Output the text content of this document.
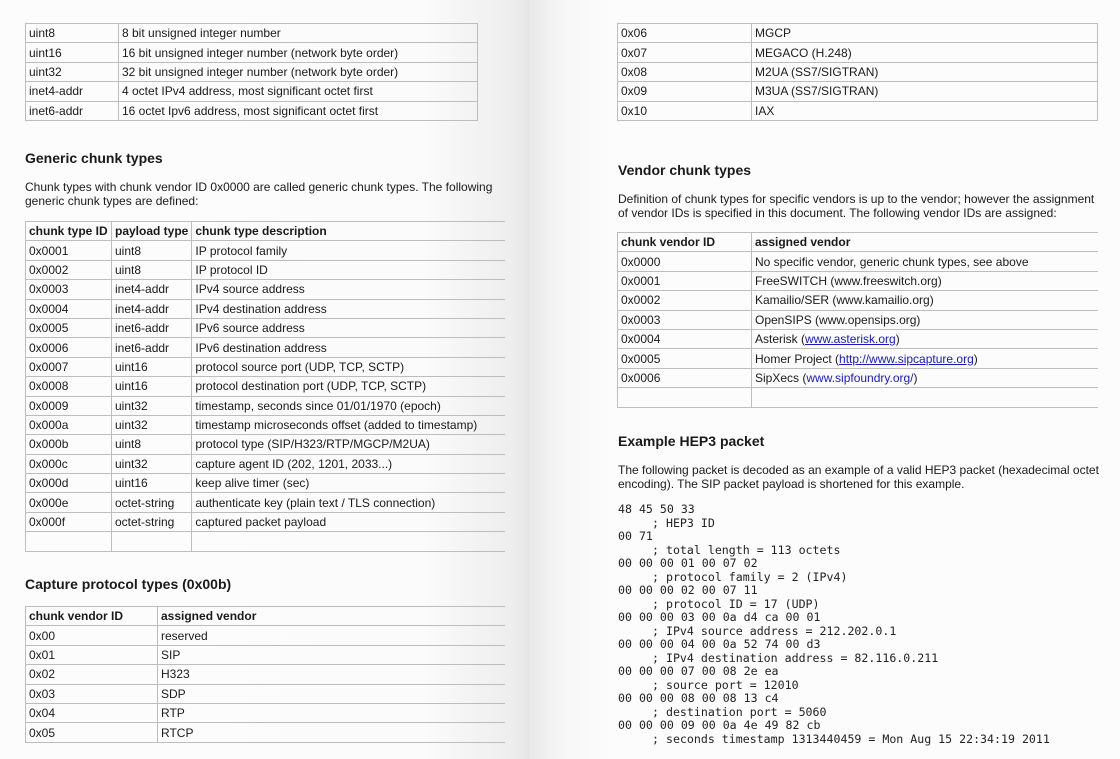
uint8	8 bit unsigned integer number
uint16	16 bit unsigned integer number (network byte order)
uint32	32 bit unsigned integer number (network byte order)
inet4-addr	4 octet IPv4 address, most significant octet first
inet6-addr	16 octet Ipv6 address, most significant octet first
Generic chunk types

Chunk types with chunk vendor ID 0x0000 are called generic chunk types. The following
generic chunk types are defined:

chunk type ID	payload type	chunk type description
0x0001	uint8	IP protocol family
0x0002	uint8	IP protocol ID
0x0003	inet4-addr	IPv4 source address
0x0004	inet4-addr	IPv4 destination address
0x0005	inet6-addr	IPv6 source address
0x0006	inet6-addr	IPv6 destination address
0x0007	uint16	protocol source port (UDP, TCP, SCTP)
0x0008	uint16	protocol destination port (UDP, TCP, SCTP)
0x0009	uint32	timestamp, seconds since 01/01/1970 (epoch)
0x000a	uint32	timestamp microseconds offset (added to timestamp)
0x000b	uint8	protocol type (SIP/H323/RTP/MGCP/M2UA)
0x000c	uint32	capture agent ID (202, 1201, 2033...)
0x000d	uint16	keep alive timer (sec)
0x000e	octet-string	authenticate key (plain text / TLS connection)
0x000f	octet-string	captured packet payload

Capture protocol types (0x00b)
chunk vendor ID	assigned vendor
0x00	reserved
0x01	SIP
0x02	H323
0x03	SDP
0x04	RTP
0x05	RTCP
0x06	MGCP
0x07	MEGACO (H.248)
0x08	M2UA (SS7/SIGTRAN)
0x09	M3UA (SS7/SIGTRAN)
0x10	IAX
Vendor chunk types

Definition of chunk types for specific vendors is up to the vendor; however the assignment
of vendor IDs is specified in this document. The following vendor IDs are assigned:

chunk vendor ID	assigned vendor
0x0000	No specific vendor, generic chunk types, see above
0x0001	FreeSWITCH (www.freeswitch.org)
0x0002	Kamailio/SER (www.kamailio.org)
0x0003	OpenSIPS (www.opensips.org)
0x0004	Asterisk (www.asterisk.org)
0x0005	Homer Project (http://www.sipcapture.org)
0x0006	SipXecs (www.sipfoundry.org/)

Example HEP3 packet

The following packet is decoded as an example of a valid HEP3 packet (hexadecimal octet
encoding). The SIP packet payload is shortened for this example.

48 45 50 33
; HEP3 ID
00 71
; total length = 113 octets
00 00 00 01 00 07 02
; protocol family = 2 (IPv4)
00 00 00 02 00 07 11
; protocol ID = 17 (UDP)
00 00 00 03 00 0a d4 ca 00 01
; IPv4 source address = 212.202.0.1
00 00 00 04 00 0a 52 74 00 d3
; IPv4 destination address = 82.116.0.211
00 00 00 07 00 08 2e ea
; source port = 12010
00 00 00 08 00 08 13 c4
; destination port = 5060
00 00 00 09 00 0a 4e 49 82 cb
; seconds timestamp 1313440459 = Mon Aug 15 22:34:19 2011
